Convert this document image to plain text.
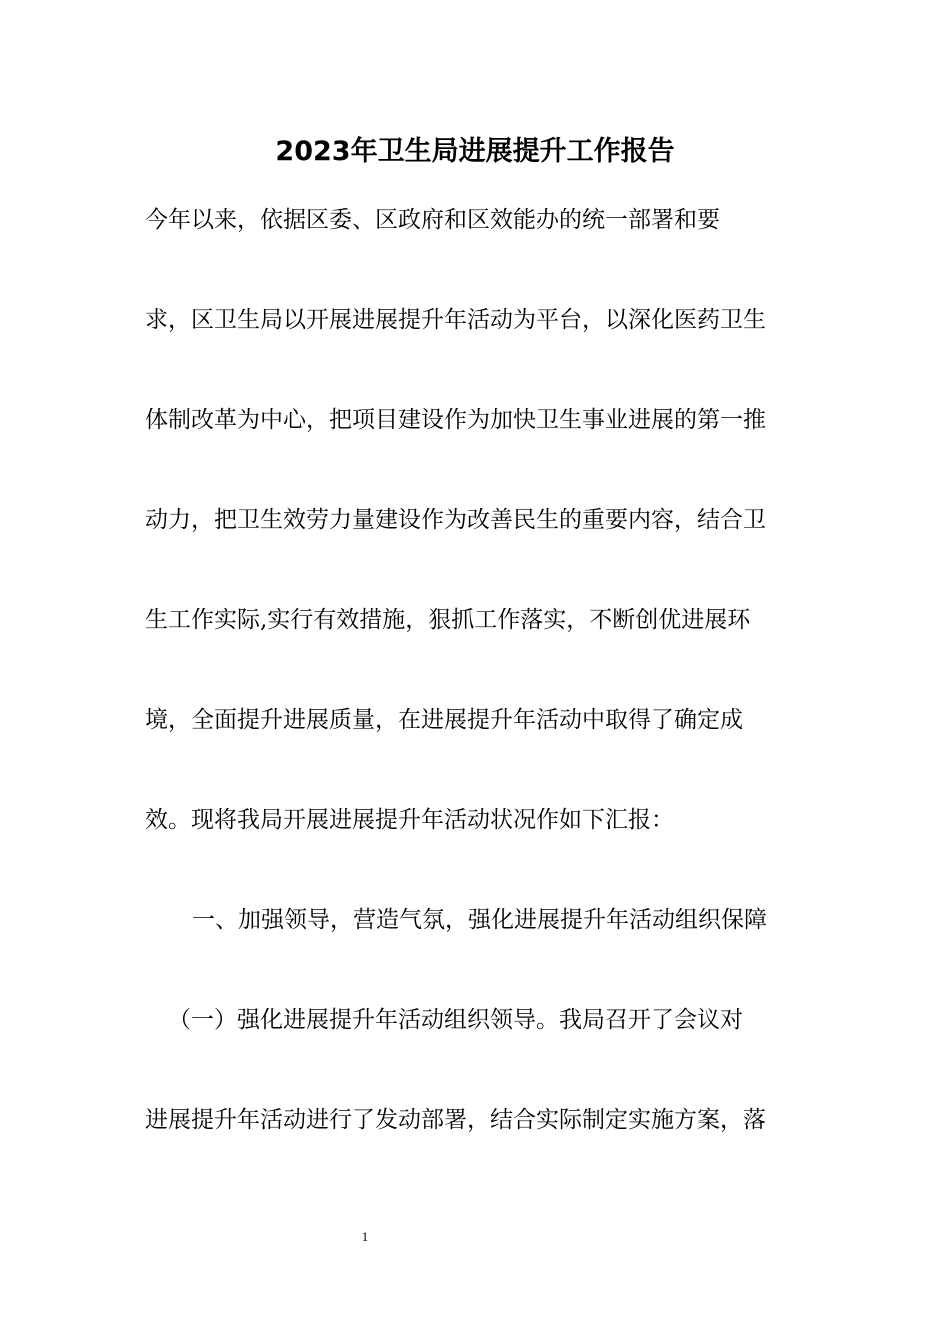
2023年卫生局进展提升工作报告
今年以来，依据区委、区政府和区效能办的统一部署和要
求，区卫生局以开展进展提升年活动为平台，以深化医药卫生
体制改革为中心，把项目建设作为加快卫生事业进展的第一推
动力，把卫生效劳力量建设作为改善民生的重要内容，结合卫
生工作实际,实行有效措施，狠抓工作落实，不断创优进展环
境，全面提升进展质量，在进展提升年活动中取得了确定成
效。现将我局开展进展提升年活动状况作如下汇报：
一、加强领导，营造气氛，强化进展提升年活动组织保障
（一）强化进展提升年活动组织领导。我局召开了会议对
进展提升年活动进行了发动部署，结合实际制定实施方案，落
1
